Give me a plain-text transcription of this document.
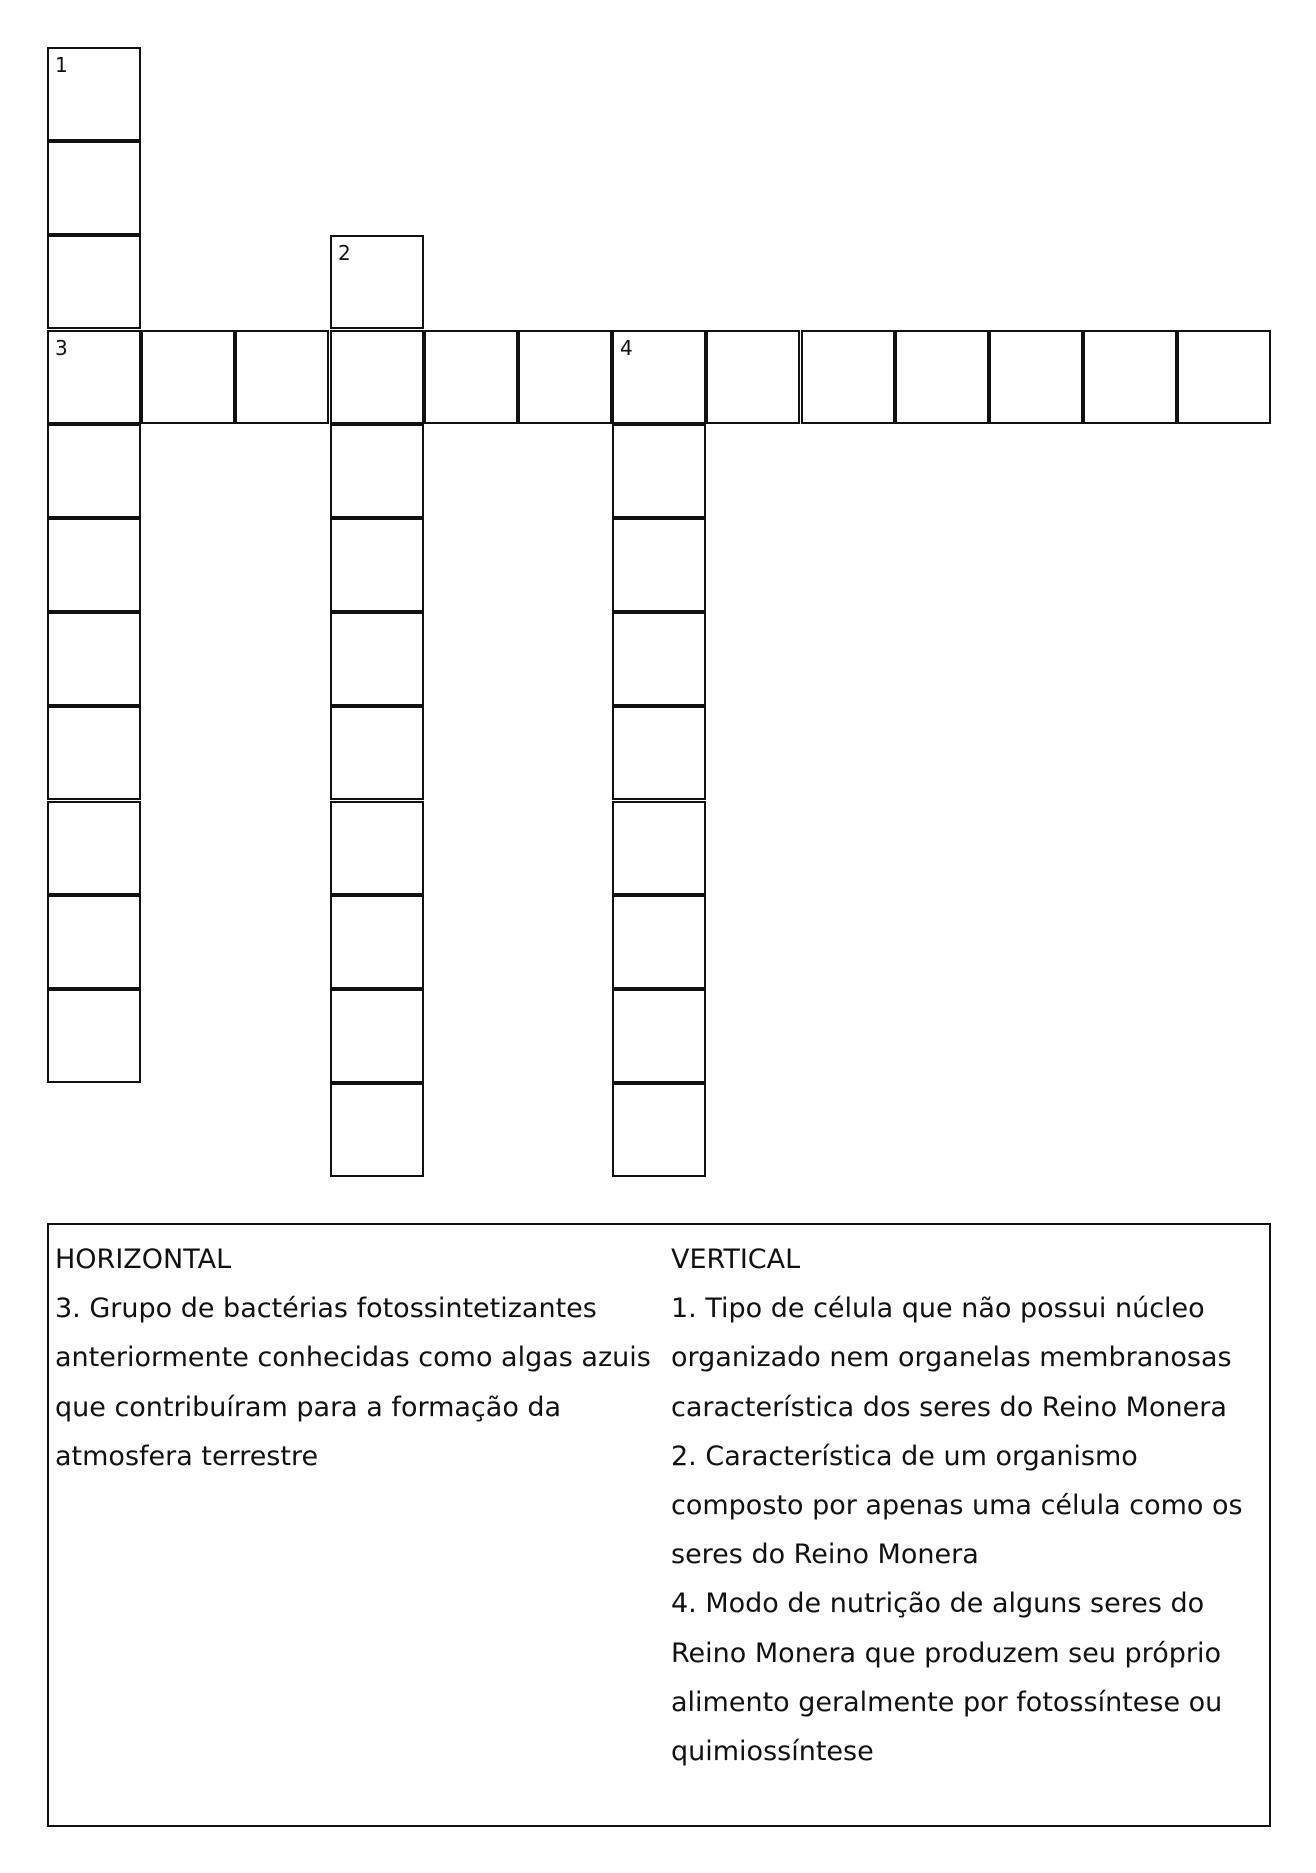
1
3
2
4
HORIZONTAL
3. Grupo de bactérias fotossintetizantes
anteriormente conhecidas como algas azuis
que contribuíram para a formação da
atmosfera terrestre
VERTICAL
1. Tipo de célula que não possui núcleo
organizado nem organelas membranosas
característica dos seres do Reino Monera
2. Característica de um organismo
composto por apenas uma célula como os
seres do Reino Monera
4. Modo de nutrição de alguns seres do
Reino Monera que produzem seu próprio
alimento geralmente por fotossíntese ou
quimiossíntese
